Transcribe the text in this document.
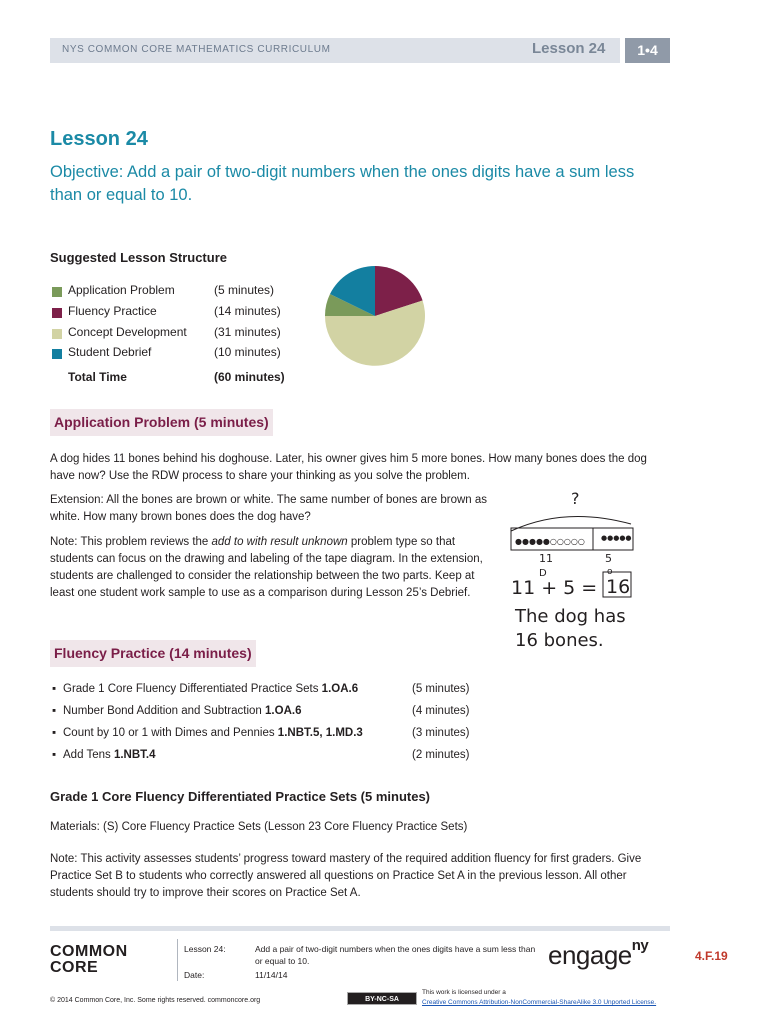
NYS COMMON CORE MATHEMATICS CURRICULUM	Lesson 24	1•4
Lesson 24
Objective: Add a pair of two-digit numbers when the ones digits have a sum less than or equal to 10.
Suggested Lesson Structure
Application Problem	(5 minutes)
Fluency Practice	(14 minutes)
Concept Development (31 minutes)
Student Debrief	(10 minutes)
Total Time	(60 minutes)
Application Problem (5 minutes)
A dog hides 11 bones behind his doghouse. Later, his owner gives him 5 more bones. How many bones does the dog have now? Use the RDW process to share your thinking as you solve the problem.
Extension: All the bones are brown or white. The same number of bones are brown as white. How many brown bones does the dog have?
Note: This problem reviews the add to with result unknown problem type so that students can focus on the drawing and labeling of the tape diagram. In the extension, students are challenged to consider the relationship between the two parts. Keep at least one student work sample to use as a comparison during Lesson 25’s Debrief.
?
●●●●●○○○○○ ●●●●●
11	5
D	o
11 + 5 = 16
The dog has
16 bones.
Fluency Practice (14 minutes)
▪ Grade 1 Core Fluency Differentiated Practice Sets 1.OA.6	(5 minutes)
▪ Number Bond Addition and Subtraction 1.OA.6	(4 minutes)
▪ Count by 10 or 1 with Dimes and Pennies 1.NBT.5, 1.MD.3	(3 minutes)
▪ Add Tens 1.NBT.4	(2 minutes)
Grade 1 Core Fluency Differentiated Practice Sets (5 minutes)
Materials: (S) Core Fluency Practice Sets (Lesson 23 Core Fluency Practice Sets)
Note: This activity assesses students’ progress toward mastery of the required addition fluency for first graders. Give Practice Set B to students who correctly answered all questions on Practice Set A in the previous lesson. All other students should try to improve their scores on Practice Set A.
COMMON
CORE
Lesson 24:	Add a pair of two-digit numbers when the ones digits have a sum less than or equal to 10.
Date:	11/14/14
engage$^{ny}$
4.F.19
© 2014 Common Core, Inc. Some rights reserved. commoncore.org	BY-NC-SA
This work is licensed under a
Creative Commons Attribution-NonCommercial-ShareAlike 3.0 Unported License.
